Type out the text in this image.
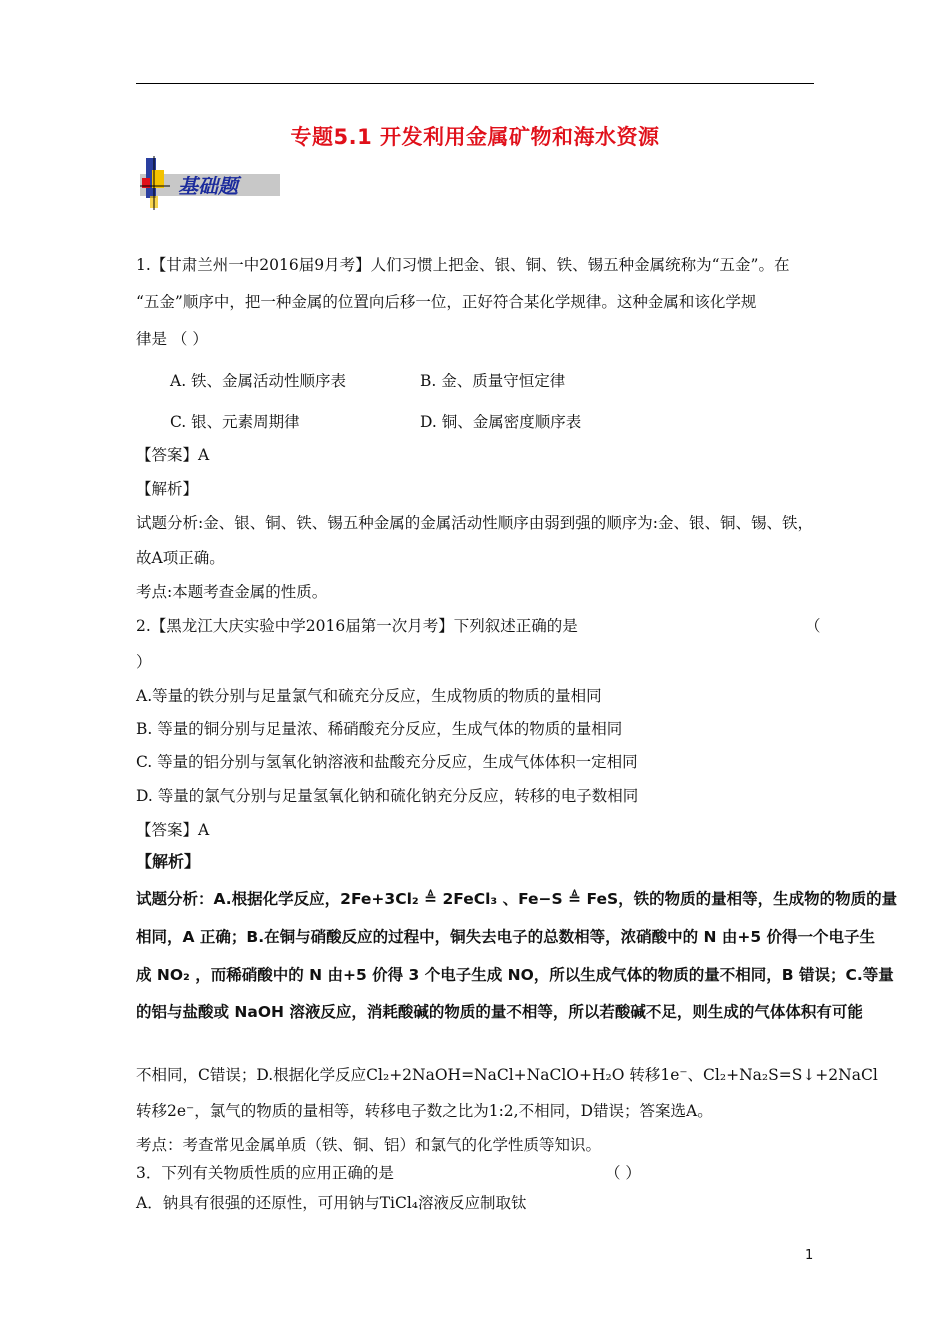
专题5.1 开发利用金属矿物和海水资源
基础题
1.【甘肃兰州一中2016届9月考】人们习惯上把金、银、铜、铁、锡五种金属统称为“五金”。在
“五金”顺序中，把一种金属的位置向后移一位，正好符合某化学规律。这种金属和该化学规
律是 （ ）
A. 铁、金属活动性顺序表	B. 金、质量守恒定律
C. 银、元素周期律	D. 铜、金属密度顺序表
【答案】A
【解析】
试题分析:金、银、铜、铁、锡五种金属的金属活动性顺序由弱到强的顺序为:金、银、铜、锡、铁，
故A项正确。
考点:本题考查金属的性质。
2.【黑龙江大庆实验中学2016届第一次月考】下列叙述正确的是	（
）
A.等量的铁分别与足量氯气和硫充分反应，生成物质的物质的量相同
B. 等量的铜分别与足量浓、稀硝酸充分反应，生成气体的物质的量相同
C. 等量的铝分别与氢氧化钠溶液和盐酸充分反应，生成气体体积一定相同
D. 等量的氯气分别与足量氢氧化钠和硫化钠充分反应，转移的电子数相同
【答案】A
【解析】
试题分析：A.根据化学反应，2Fe+3Cl₂ ≜ 2FeCl₃ 、Fe−S ≜ FeS，铁的物质的量相等，生成物的物质的量
相同，A 正确；B.在铜与硝酸反应的过程中，铜失去电子的总数相等，浓硝酸中的 N 由+5 价得一个电子生
成 NO₂ ，而稀硝酸中的 N 由+5 价得 3 个电子生成 NO，所以生成气体的物质的量不相同，B 错误；C.等量
的铝与盐酸或 NaOH 溶液反应，消耗酸碱的物质的量不相等，所以若酸碱不足，则生成的气体体积有可能
不相同，C错误；D.根据化学反应Cl₂+2NaOH=NaCl+NaClO+H₂O 转移1e⁻、Cl₂+Na₂S=S↓+2NaCl
转移2e⁻，氯气的物质的量相等，转移电子数之比为1:2,不相同，D错误；答案选A。
考点：考查常见金属单质（铁、铜、铝）和氯气的化学性质等知识。
3．下列有关物质性质的应用正确的是	（ ）
A．钠具有很强的还原性，可用钠与TiCl₄溶液反应制取钛
1
